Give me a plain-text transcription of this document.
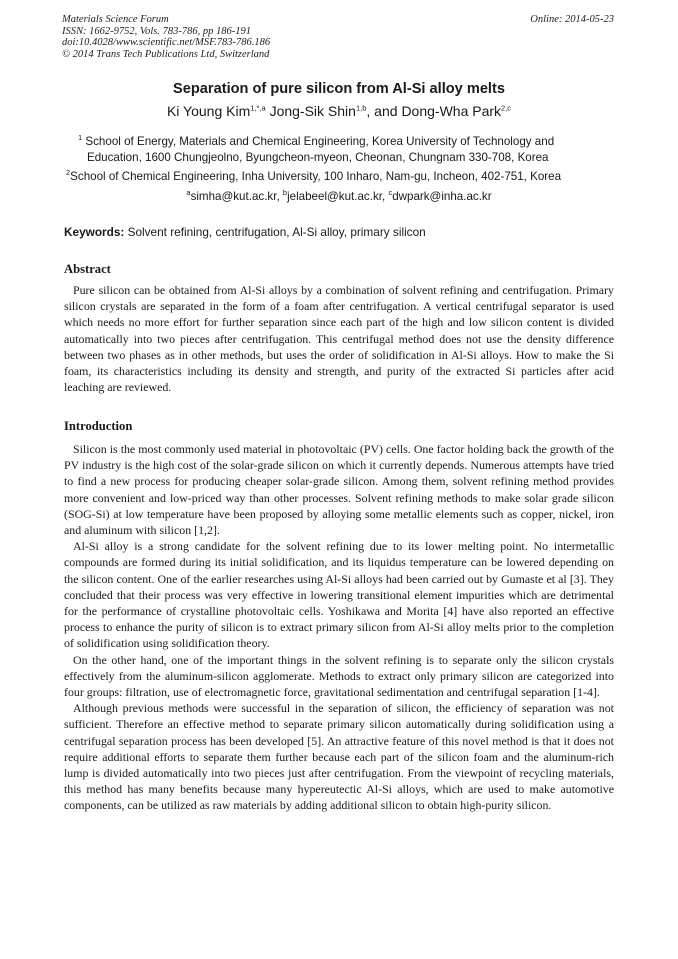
Materials Science Forum
ISSN: 1662-9752, Vols. 783-786, pp 186-191
doi:10.4028/www.scientific.net/MSF.783-786.186
© 2014 Trans Tech Publications Ltd, Switzerland
Online: 2014-05-23
Separation of pure silicon from Al-Si alloy melts
Ki Young Kim$^{1,*,a}$ Jong-Sik Shin$^{1,b}$, and Dong-Wha Park$^{2,c}$
$^1$ School of Energy, Materials and Chemical Engineering, Korea University of Technology and
Education, 1600 Chungjeolno, Byungcheon-myeon, Cheonan, Chungnam 330-708, Korea
$^2$School of Chemical Engineering, Inha University, 100 Inharo, Nam-gu, Incheon, 402-751, Korea
$^a$simha@kut.ac.kr, $^b$jelabeel@kut.ac.kr, $^c$dwpark@inha.ac.kr
Keywords: Solvent refining, centrifugation, Al-Si alloy, primary silicon
Abstract

Pure silicon can be obtained from Al-Si alloys by a combination of solvent refining and centrifugation. Primary silicon crystals are separated in the form of a foam after centrifugation. A vertical centrifugal separator is used which needs no more effort for further separation since each part of the high and low silicon content is divided automatically into two pieces after centrifugation. This centrifugal method does not use the density difference between two phases as in other methods, but uses the order of solidification in Al-Si alloys. How to make the Si foam, its characteristics including its density and strength, and purity of the extracted Si particles after acid leaching are reviewed.

Introduction

Silicon is the most commonly used material in photovoltaic (PV) cells. One factor holding back the growth of the PV industry is the high cost of the solar-grade silicon on which it currently depends. Numerous attempts have tried to find a new process for producing cheaper solar-grade silicon. Among them, solvent refining method provides more convenient and low-priced way than other processes. Solvent refining methods to make solar grade silicon (SOG-Si) at low temperature have been proposed by alloying some metallic elements such as copper, nickel, iron and aluminum with silicon [1,2].

Al-Si alloy is a strong candidate for the solvent refining due to its lower melting point. No intermetallic compounds are formed during its initial solidification, and its liquidus temperature can be lowered depending on the silicon content. One of the earlier researches using Al-Si alloys had been carried out by Gumaste et al [3]. They concluded that their process was very effective in lowering transitional element impurities which are detrimental for the performance of crystalline photovoltaic cells. Yoshikawa and Morita [4] have also reported an effective process to enhance the purity of silicon is to extract primary silicon from Al-Si alloy melts prior to the completion of solidification using solidification theory.

On the other hand, one of the important things in the solvent refining is to separate only the silicon crystals effectively from the aluminum-silicon agglomerate. Methods to extract only primary silicon are categorized into four groups: filtration, use of electromagnetic force, gravitational sedimentation and centrifugal separation [1-4].

Although previous methods were successful in the separation of silicon, the efficiency of separation was not sufficient. Therefore an effective method to separate primary silicon automatically during solidification using a centrifugal separation process has been developed [5]. An attractive feature of this novel method is that it does not require additional efforts to separate them further because each part of the silicon foam and the aluminum-rich lump is divided automatically into two pieces just after centrifugation. From the viewpoint of recycling materials, this method has many benefits because many hypereutectic Al-Si alloys, which are used to make automotive components, can be utilized as raw materials by adding additional silicon to obtain high-purity silicon.
